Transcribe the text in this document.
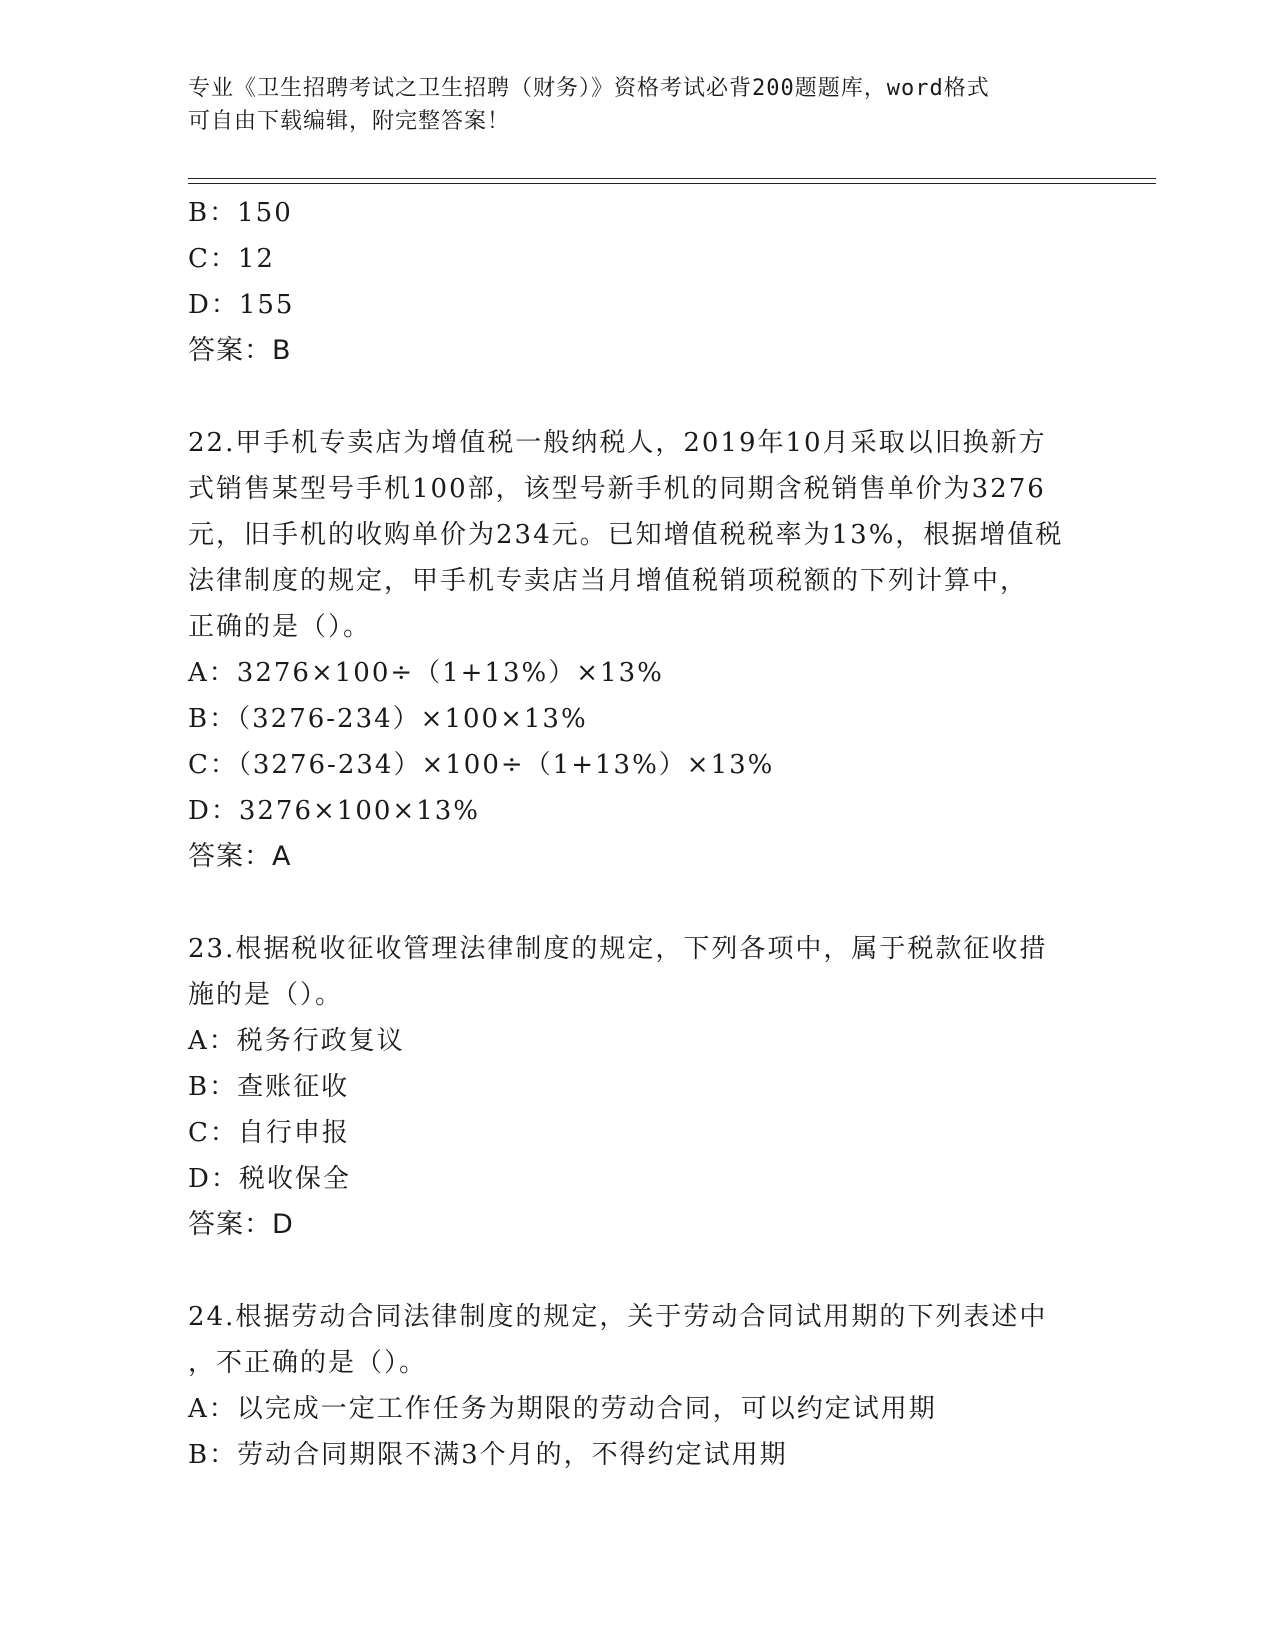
专业《卫生招聘考试之卫生招聘（财务）》资格考试必背200题题库，word格式
可自由下载编辑，附完整答案！
B：150
C：12
D：155
答案：B
22.甲手机专卖店为增值税一般纳税人，2019年10月采取以旧换新方
式销售某型号手机100部，该型号新手机的同期含税销售单价为3276
元，旧手机的收购单价为234元。已知增值税税率为13%，根据增值税
法律制度的规定，甲手机专卖店当月增值税销项税额的下列计算中，
正确的是（）。
A：3276×100÷（1+13%）×13%
B：（3276-234）×100×13%
C：（3276-234）×100÷（1+13%）×13%
D：3276×100×13%
答案：A
23.根据税收征收管理法律制度的规定，下列各项中，属于税款征收措
施的是（）。
A：税务行政复议
B：查账征收
C：自行申报
D：税收保全
答案：D
24.根据劳动合同法律制度的规定，关于劳动合同试用期的下列表述中
，不正确的是（）。
A：以完成一定工作任务为期限的劳动合同，可以约定试用期
B：劳动合同期限不满3个月的，不得约定试用期
